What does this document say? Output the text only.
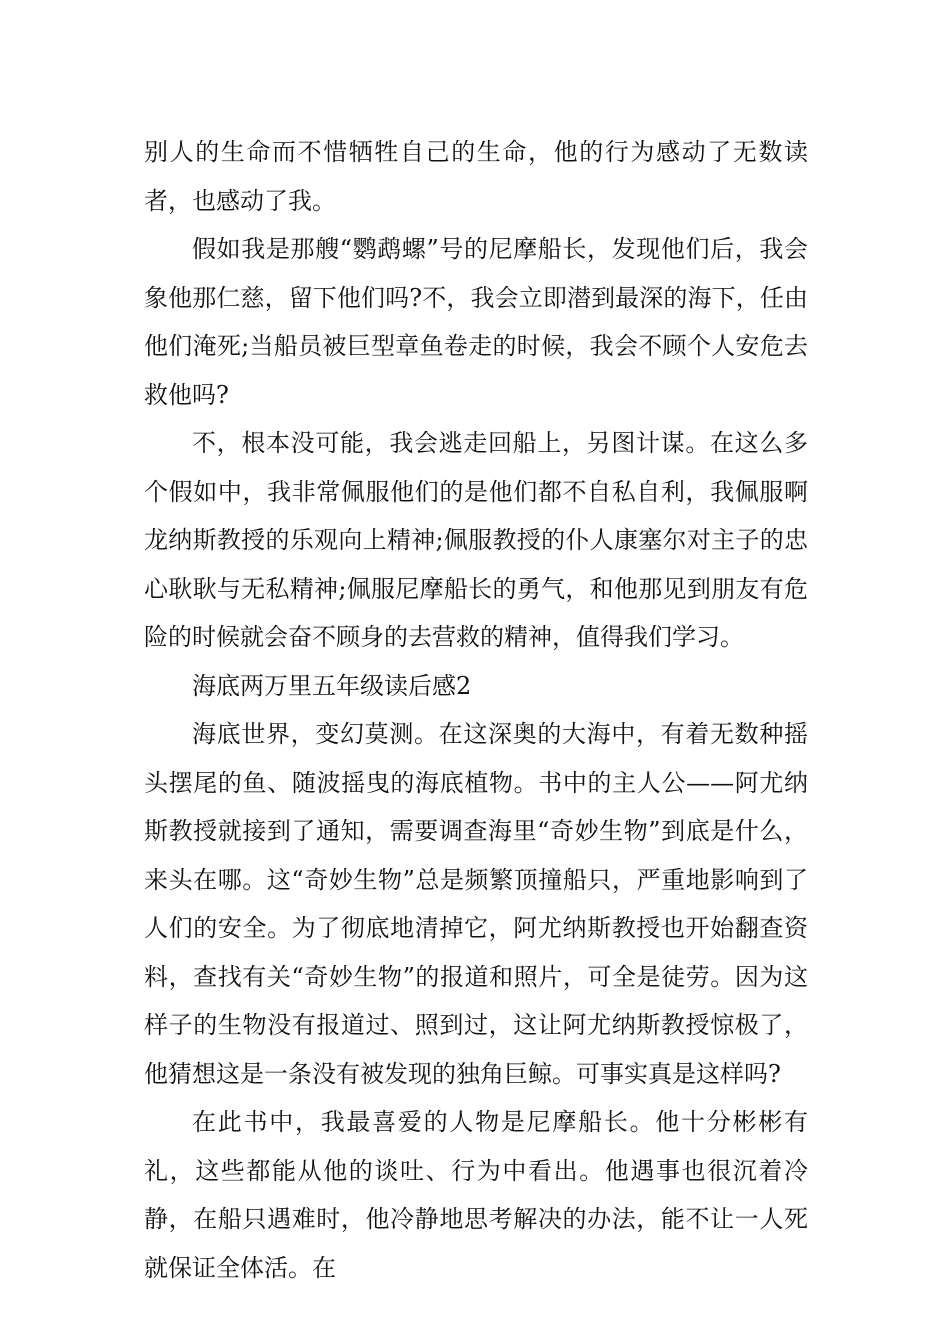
别人的生命而不惜牺牲自己的生命，他的行为感动了无数读者，也感动了我。

假如我是那艘“鹦鹉螺”号的尼摩船长，发现他们后，我会象他那仁慈，留下他们吗?不，我会立即潜到最深的海下，任由他们淹死;当船员被巨型章鱼卷走的时候，我会不顾个人安危去救他吗?

不，根本没可能，我会逃走回船上，另图计谋。在这么多个假如中，我非常佩服他们的是他们都不自私自利，我佩服啊龙纳斯教授的乐观向上精神;佩服教授的仆人康塞尔对主子的忠心耿耿与无私精神;佩服尼摩船长的勇气，和他那见到朋友有危险的时候就会奋不顾身的去营救的精神，值得我们学习。

海底两万里五年级读后感2

海底世界，变幻莫测。在这深奥的大海中，有着无数种摇头摆尾的鱼、随波摇曳的海底植物。书中的主人公——阿尤纳斯教授就接到了通知，需要调查海里“奇妙生物”到底是什么，来头在哪。这“奇妙生物”总是频繁顶撞船只，严重地影响到了人们的安全。为了彻底地清掉它，阿尤纳斯教授也开始翻查资料，查找有关“奇妙生物”的报道和照片，可全是徒劳。因为这样子的生物没有报道过、照到过，这让阿尤纳斯教授惊极了，他猜想这是一条没有被发现的独角巨鲸。可事实真是这样吗?

在此书中，我最喜爱的人物是尼摩船长。他十分彬彬有礼，这些都能从他的谈吐、行为中看出。他遇事也很沉着冷静，在船只遇难时，他冷静地思考解决的办法，能不让一人死就保证全体活。在
